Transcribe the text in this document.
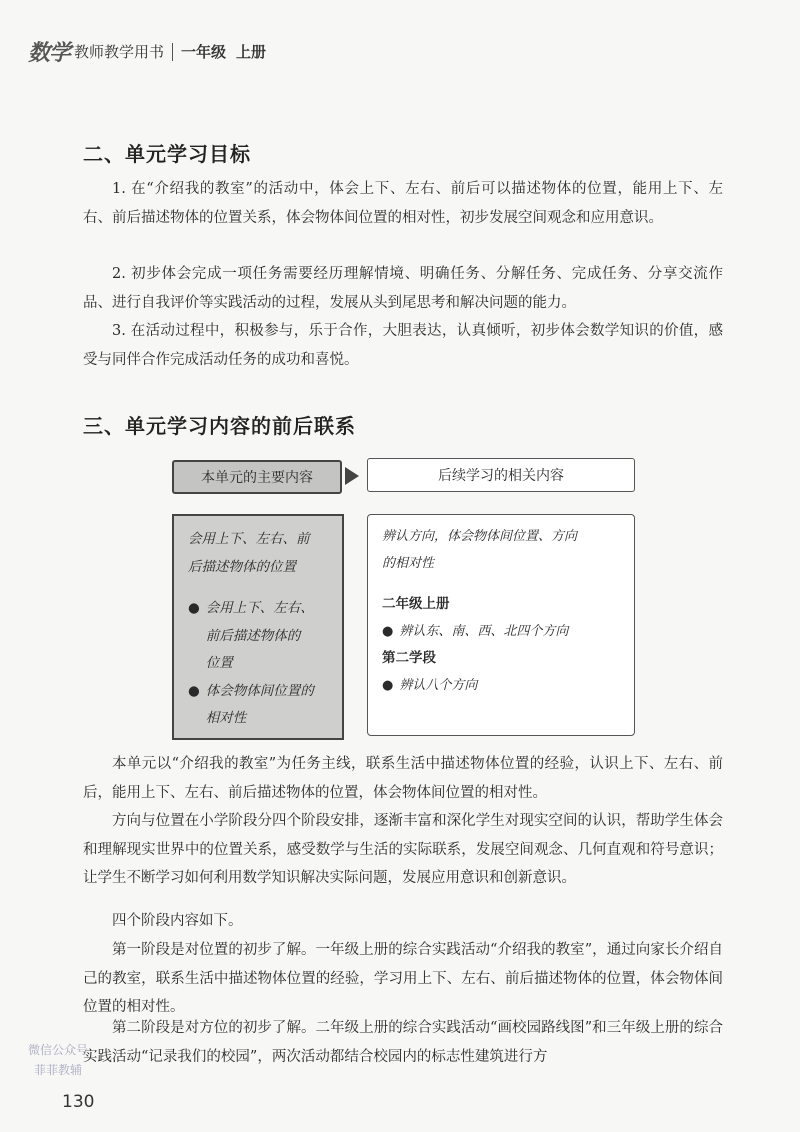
数学 教师教学用书 一年级 上册
二、单元学习目标

1. 在“介绍我的教室”的活动中，体会上下、左右、前后可以描述物体的位置，能用上下、左右、前后描述物体的位置关系，体会物体间位置的相对性，初步发展空间观念和应用意识。

2. 初步体会完成一项任务需要经历理解情境、明确任务、分解任务、完成任务、分享交流作品、进行自我评价等实践活动的过程，发展从头到尾思考和解决问题的能力。

3. 在活动过程中，积极参与，乐于合作，大胆表达，认真倾听，初步体会数学知识的价值，感受与同伴合作完成活动任务的成功和喜悦。

三、单元学习内容的前后联系
本单元的主要内容	后续学习的相关内容
会用上下、左右、前
后描述物体的位置
● 会用上下、左右、
前后描述物体的
位置
● 体会物体间位置的
相对性
辨认方向，体会物体间位置、方向
的相对性
二年级上册
● 辨认东、南、西、北四个方向
第二学段
● 辨认八个方向

本单元以“介绍我的教室”为任务主线，联系生活中描述物体位置的经验，认识上下、左右、前后，能用上下、左右、前后描述物体的位置，体会物体间位置的相对性。

方向与位置在小学阶段分四个阶段安排，逐渐丰富和深化学生对现实空间的认识，帮助学生体会和理解现实世界中的位置关系，感受数学与生活的实际联系，发展空间观念、几何直观和符号意识；让学生不断学习如何利用数学知识解决实际问题，发展应用意识和创新意识。

四个阶段内容如下。

第一阶段是对位置的初步了解。一年级上册的综合实践活动“介绍我的教室”，通过向家长介绍自己的教室，联系生活中描述物体位置的经验，学习用上下、左右、前后描述物体的位置，体会物体间位置的相对性。

第二阶段是对方位的初步了解。二年级上册的综合实践活动“画校园路线图”和三年级上册的综合实践活动“记录我们的校园”，两次活动都结合校园内的标志性建筑进行方

微信公众号
菲菲教辅
130
